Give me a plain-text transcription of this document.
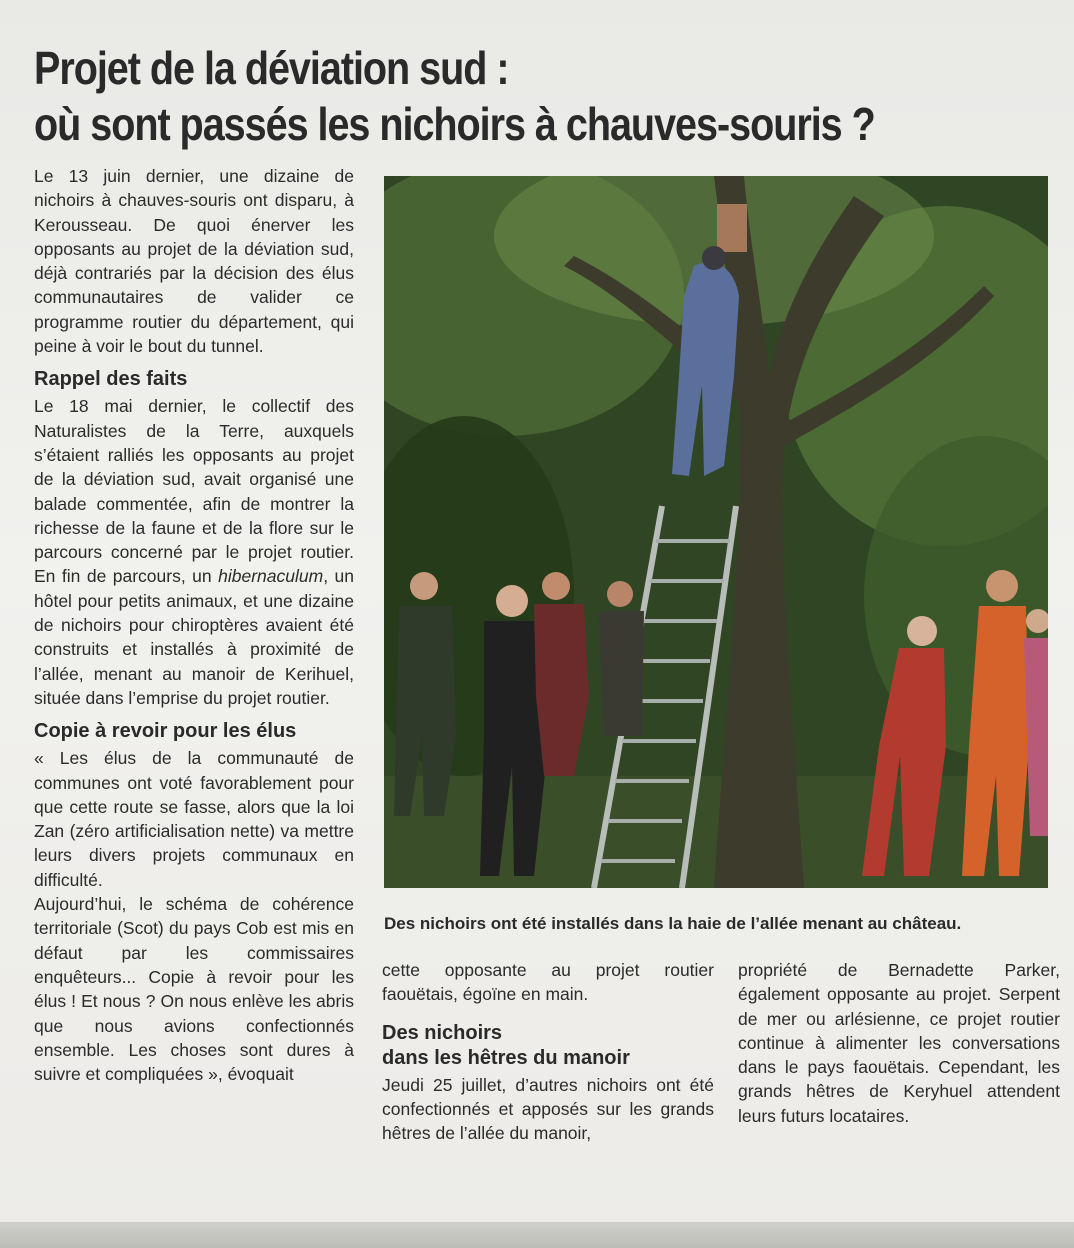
Projet de la déviation sud :
où sont passés les nichoirs à chauves-souris ?

Le 13 juin dernier, une dizaine de nichoirs à chauves-souris ont disparu, à Kerousseau. De quoi énerver les opposants au projet de la déviation sud, déjà contrariés par la décision des élus communautaires de valider ce programme routier du département, qui peine à voir le bout du tunnel.

Rappel des faits

Le 18 mai dernier, le collectif des Naturalistes de la Terre, auxquels s’étaient ralliés les opposants au projet de la déviation sud, avait organisé une balade commentée, afin de montrer la richesse de la faune et de la flore sur le parcours concerné par le projet routier. En fin de parcours, un hibernaculum, un hôtel pour petits animaux, et une dizaine de nichoirs pour chiroptères avaient été construits et installés à proximité de l’allée, menant au manoir de Kerihuel, située dans l’emprise du projet routier.

Copie à revoir pour les élus

« Les élus de la communauté de communes ont voté favorablement pour que cette route se fasse, alors que la loi Zan (zéro artificialisation nette) va mettre leurs divers projets communaux en difficulté.

Aujourd’hui, le schéma de cohérence territoriale (Scot) du pays Cob est mis en défaut par les commissaires enquêteurs... Copie à revoir pour les élus ! Et nous ? On nous enlève les abris que nous avions confectionnés ensemble. Les choses sont dures à suivre et compliquées », évoquait

Des nichoirs ont été installés dans la haie de l’allée menant au château.

cette opposante au projet routier faouëtais, égoïne en main.

Des nichoirs
dans les hêtres du manoir

Jeudi 25 juillet, d’autres nichoirs ont été confectionnés et apposés sur les grands hêtres de l’allée du manoir,

propriété de Bernadette Parker, également opposante au projet. Serpent de mer ou arlésienne, ce projet routier continue à alimenter les conversations dans le pays faouëtais. Cependant, les grands hêtres de Keryhuel attendent leurs futurs locataires.
